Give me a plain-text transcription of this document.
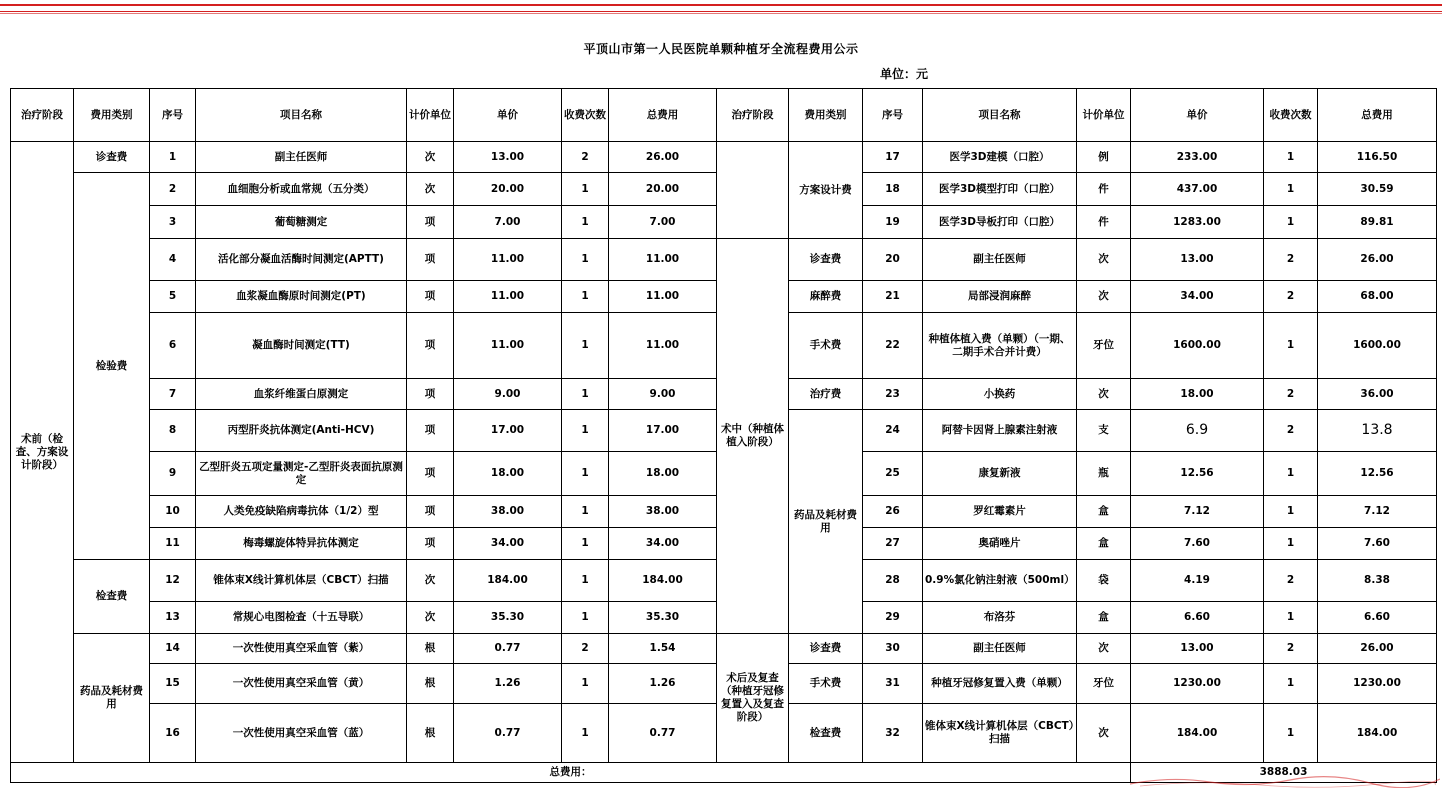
平顶山市第一人民医院单颗种植牙全流程费用公示
单位：元
治疗阶段	费用类别	序号	项目名称	计价单位	单价	收费次数	总费用	治疗阶段	费用类别	序号	项目名称	计价单位	单价	收费次数	总费用
术前（检查、方案设计阶段）	诊查费	1	副主任医师	次	13.00	2	26.00		方案设计费	17	医学3D建模（口腔）	例	233.00	1	116.50
	检验费	2	血细胞分析或血常规（五分类）	次	20.00	1	20.00			18	医学3D模型打印（口腔）	件	437.00	1	30.59
		3	葡萄糖测定	项	7.00	1	7.00			19	医学3D导板打印（口腔）	件	1283.00	1	89.81
		4	活化部分凝血活酶时间测定(APTT)	项	11.00	1	11.00	术中（种植体植入阶段）	诊查费	20	副主任医师	次	13.00	2	26.00
		5	血浆凝血酶原时间测定(PT)	项	11.00	1	11.00		麻醉费	21	局部浸润麻醉	次	34.00	2	68.00
		6	凝血酶时间测定(TT)	项	11.00	1	11.00		手术费	22	种植体植入费（单颗）（一期、二期手术合并计费）	牙位	1600.00	1	1600.00
		7	血浆纤维蛋白原测定	项	9.00	1	9.00		治疗费	23	小换药	次	18.00	2	36.00
		8	丙型肝炎抗体测定(Anti-HCV)	项	17.00	1	17.00		药品及耗材费用	24	阿替卡因肾上腺素注射液	支	6.9	2	13.8
		9	乙型肝炎五项定量测定-乙型肝炎表面抗原测定	项	18.00	1	18.00			25	康复新液	瓶	12.56	1	12.56
		10	人类免疫缺陷病毒抗体（1/2）型	项	38.00	1	38.00			26	罗红霉素片	盒	7.12	1	7.12
		11	梅毒螺旋体特异抗体测定	项	34.00	1	34.00			27	奥硝唑片	盒	7.60	1	7.60
	检查费	12	锥体束X线计算机体层（CBCT）扫描	次	184.00	1	184.00			28	0.9%氯化钠注射液（500ml）	袋	4.19	2	8.38
		13	常规心电图检查（十五导联）	次	35.30	1	35.30			29	布洛芬	盒	6.60	1	6.60
	药品及耗材费用	14	一次性使用真空采血管（紫）	根	0.77	2	1.54	术后及复查（种植牙冠修复置入及复查阶段）	诊查费	30	副主任医师	次	13.00	2	26.00
		15	一次性使用真空采血管（黄）	根	1.26	1	1.26		手术费	31	种植牙冠修复置入费（单颗）	牙位	1230.00	1	1230.00
		16	一次性使用真空采血管（蓝）	根	0.77	1	0.77		检查费	32	锥体束X线计算机体层（CBCT）扫描	次	184.00	1	184.00
总费用：													3888.03		
